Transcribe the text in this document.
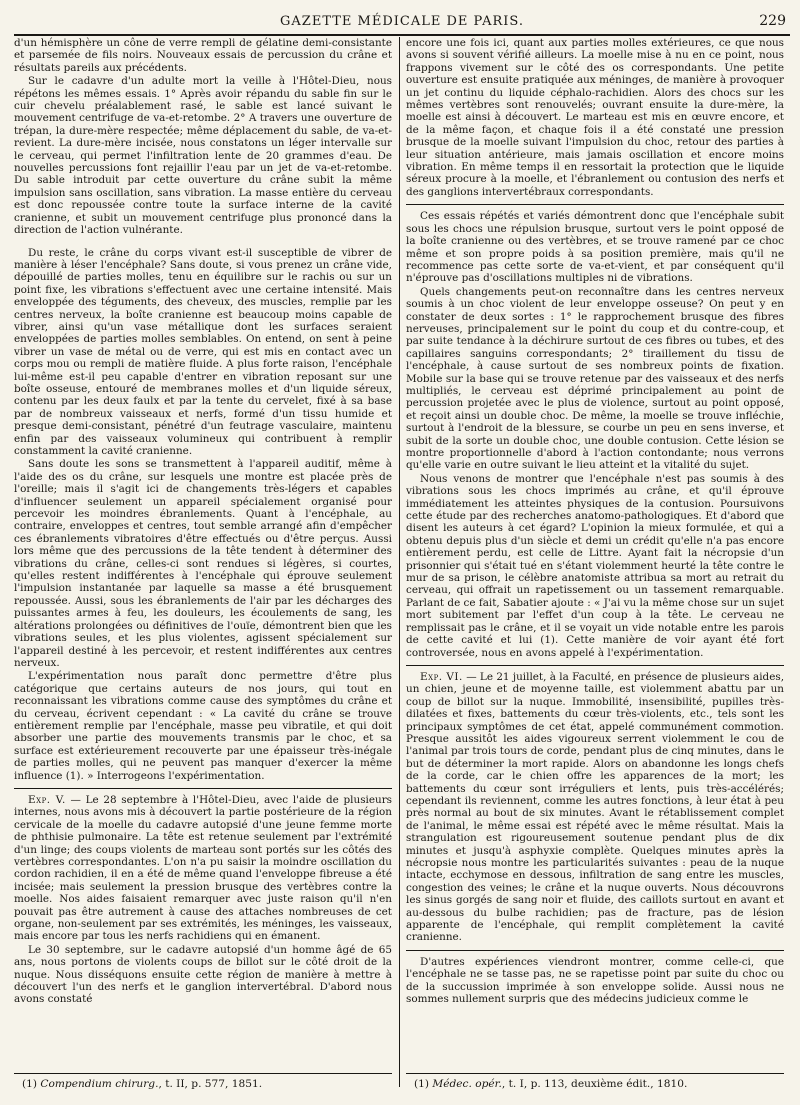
GAZETTE MÉDICALE DE PARIS.	229

d'un hémisphère un cône de verre rempli de gélatine demi-consistante et parsemée de fils noirs. Nouveaux essais de percussion du crâne et résultats pareils aux précédents.

Sur le cadavre d'un adulte mort la veille à l'Hôtel-Dieu, nous répétons les mêmes essais. 1° Après avoir répandu du sable fin sur le cuir chevelu préalablement rasé, le sable est lancé suivant le mouvement centrifuge de va-et-retombe. 2° A travers une ouverture de trépan, la dure-mère respectée; même déplacement du sable, de va-et-revient. La dure-mère incisée, nous constatons un léger intervalle sur le cerveau, qui permet l'infiltration lente de 20 grammes d'eau. De nouvelles percussions font rejaillir l'eau par un jet de va-et-retombe. Du sable introduit par cette ouverture du crâne subit la même impulsion sans oscillation, sans vibration. La masse entière du cerveau est donc repoussée contre toute la surface interne de la cavité cranienne, et subit un mouvement centrifuge plus prononcé dans la direction de l'action vulnérante.

Du reste, le crâne du corps vivant est-il susceptible de vibrer de manière à léser l'encéphale? Sans doute, si vous prenez un crâne vide, dépouillé de parties molles, tenu en équilibre sur le rachis ou sur un point fixe, les vibrations s'effectuent avec une certaine intensité. Mais enveloppée des téguments, des cheveux, des muscles, remplie par les centres nerveux, la boîte cranienne est beaucoup moins capable de vibrer, ainsi qu'un vase métallique dont les surfaces seraient enveloppées de parties molles semblables. On entend, on sent à peine vibrer un vase de métal ou de verre, qui est mis en contact avec un corps mou ou rempli de matière fluide. A plus forte raison, l'encéphale lui-même est-il peu capable d'entrer en vibration reposant sur une boîte osseuse, entouré de membranes molles et d'un liquide séreux, contenu par les deux faulx et par la tente du cervelet, fixé à sa base par de nombreux vaisseaux et nerfs, formé d'un tissu humide et presque demi-consistant, pénétré d'un feutrage vasculaire, maintenu enfin par des vaisseaux volumineux qui contribuent à remplir constamment la cavité cranienne.

Sans doute les sons se transmettent à l'appareil auditif, même à l'aide des os du crâne, sur lesquels une montre est placée près de l'oreille; mais il s'agit ici de changements très-légers et capables d'influencer seulement un appareil spécialement organisé pour percevoir les moindres ébranlements. Quant à l'encéphale, au contraire, enveloppes et centres, tout semble arrangé afin d'empêcher ces ébranlements vibratoires d'être effectués ou d'être perçus. Aussi lors même que des percussions de la tête tendent à déterminer des vibrations du crâne, celles-ci sont rendues si légères, si courtes, qu'elles restent indifférentes à l'encéphale qui éprouve seulement l'impulsion instantanée par laquelle sa masse a été brusquement repoussée. Aussi, sous les ébranlements de l'air par les décharges des puissantes armes à feu, les douleurs, les écoulements de sang, les altérations prolongées ou définitives de l'ouïe, démontrent bien que les vibrations seules, et les plus violentes, agissent spécialement sur l'appareil destiné à les percevoir, et restent indifférentes aux centres nerveux.

L'expérimentation nous paraît donc permettre d'être plus catégorique que certains auteurs de nos jours, qui tout en reconnaissant les vibrations comme cause des symptômes du crâne et du cerveau, écrivent cependant : « La cavité du crâne se trouve entièrement remplie par l'encéphale, masse peu vibratile, et qui doit absorber une partie des mouvements transmis par le choc, et sa surface est extérieurement recouverte par une épaisseur très-inégale de parties molles, qui ne peuvent pas manquer d'exercer la même influence (1). » Interrogeons l'expérimentation.

Exp. V. — Le 28 septembre à l'Hôtel-Dieu, avec l'aide de plusieurs internes, nous avons mis à découvert la partie postérieure de la région cervicale de la moelle du cadavre autopsié d'une jeune femme morte de phthisie pulmonaire. La tête est retenue seulement par l'extrémité d'un linge; des coups violents de marteau sont portés sur les côtés des vertèbres correspondantes. L'on n'a pu saisir la moindre oscillation du cordon rachidien, il en a été de même quand l'enveloppe fibreuse a été incisée; mais seulement la pression brusque des vertèbres contre la moelle. Nos aides faisaient remarquer avec juste raison qu'il n'en pouvait pas être autrement à cause des attaches nombreuses de cet organe, non-seulement par ses extrémités, les méninges, les vaisseaux, mais encore par tous les nerfs rachidiens qui en émanent.

Le 30 septembre, sur le cadavre autopsié d'un homme âgé de 65 ans, nous portons de violents coups de billot sur le côté droit de la nuque. Nous disséquons ensuite cette région de manière à mettre à découvert l'un des nerfs et le ganglion intervertébral. D'abord nous avons constaté

encore une fois ici, quant aux parties molles extérieures, ce que nous avons si souvent vérifié ailleurs. La moelle mise à nu en ce point, nous frappons vivement sur le côté des os correspondants. Une petite ouverture est ensuite pratiquée aux méninges, de manière à provoquer un jet continu du liquide céphalo-rachidien. Alors des chocs sur les mêmes vertèbres sont renouvelés; ouvrant ensuite la dure-mère, la moelle est ainsi à découvert. Le marteau est mis en œuvre encore, et de la même façon, et chaque fois il a été constaté une pression brusque de la moelle suivant l'impulsion du choc, retour des parties à leur situation antérieure, mais jamais oscillation et encore moins vibration. En même temps il en ressortait la protection que le liquide séreux procure à la moelle, et l'ébranlement ou contusion des nerfs et des ganglions intervertébraux correspondants.

Ces essais répétés et variés démontrent donc que l'encéphale subit sous les chocs une répulsion brusque, surtout vers le point opposé de la boîte cranienne ou des vertèbres, et se trouve ramené par ce choc même et son propre poids à sa position première, mais qu'il ne recommence pas cette sorte de va-et-vient, et par conséquent qu'il n'éprouve pas d'oscillations multiples ni de vibrations.

Quels changements peut-on reconnaître dans les centres nerveux soumis à un choc violent de leur enveloppe osseuse? On peut y en constater de deux sortes : 1° le rapprochement brusque des fibres nerveuses, principalement sur le point du coup et du contre-coup, et par suite tendance à la déchirure surtout de ces fibres ou tubes, et des capillaires sanguins correspondants; 2° tiraillement du tissu de l'encéphale, à cause surtout de ses nombreux points de fixation. Mobile sur la base qui se trouve retenue par des vaisseaux et des nerfs multipliés, le cerveau est déprimé principalement au point de percussion projetée avec le plus de violence, surtout au point opposé, et reçoit ainsi un double choc. De même, la moelle se trouve infléchie, surtout à l'endroit de la blessure, se courbe un peu en sens inverse, et subit de la sorte un double choc, une double contusion. Cette lésion se montre proportionnelle d'abord à l'action contondante; nous verrons qu'elle varie en outre suivant le lieu atteint et la vitalité du sujet.

Nous venons de montrer que l'encéphale n'est pas soumis à des vibrations sous les chocs imprimés au crâne, et qu'il éprouve immédiatement les atteintes physiques de la contusion. Poursuivons cette étude par des recherches anatomo-pathologiques. Et d'abord que disent les auteurs à cet égard? L'opinion la mieux formulée, et qui a obtenu depuis plus d'un siècle et demi un crédit qu'elle n'a pas encore entièrement perdu, est celle de Littre. Ayant fait la nécropsie d'un prisonnier qui s'était tué en s'étant violemment heurté la tête contre le mur de sa prison, le célèbre anatomiste attribua sa mort au retrait du cerveau, qui offrait un rapetissement ou un tassement remarquable. Parlant de ce fait, Sabatier ajoute : « J'ai vu la même chose sur un sujet mort subitement par l'effet d'un coup à la tête. Le cerveau ne remplissait pas le crâne, et il se voyait un vide notable entre les parois de cette cavité et lui (1). Cette manière de voir ayant été fort controversée, nous en avons appelé à l'expérimentation.

Exp. VI. — Le 21 juillet, à la Faculté, en présence de plusieurs aides, un chien, jeune et de moyenne taille, est violemment abattu par un coup de billot sur la nuque. Immobilité, insensibilité, pupilles très-dilatées et fixes, battements du cœur très-violents, etc., tels sont les principaux symptômes de cet état, appelé communément commotion. Presque aussitôt les aides vigoureux serrent violemment le cou de l'animal par trois tours de corde, pendant plus de cinq minutes, dans le but de déterminer la mort rapide. Alors on abandonne les longs chefs de la corde, car le chien offre les apparences de la mort; les battements du cœur sont irréguliers et lents, puis très-accélérés; cependant ils reviennent, comme les autres fonctions, à leur état à peu près normal au bout de six minutes. Avant le rétablissement complet de l'animal, le même essai est répété avec le même résultat. Mais la strangulation est rigoureusement soutenue pendant plus de dix minutes et jusqu'à asphyxie complète. Quelques minutes après la nécropsie nous montre les particularités suivantes : peau de la nuque intacte, ecchymose en dessous, infiltration de sang entre les muscles, congestion des veines; le crâne et la nuque ouverts. Nous découvrons les sinus gorgés de sang noir et fluide, des caillots surtout en avant et au-dessous du bulbe rachidien; pas de fracture, pas de lésion apparente de l'encéphale, qui remplit complètement la cavité cranienne.

D'autres expériences viendront montrer, comme celle-ci, que l'encéphale ne se tasse pas, ne se rapetisse point par suite du choc ou de la succussion imprimée à son enveloppe solide. Aussi nous ne sommes nullement surpris que des médecins judicieux comme le

(1) Compendium chirurg., t. II, p. 577, 1851.	(1) Médec. opér., t. I, p. 113, deuxième édit., 1810.
